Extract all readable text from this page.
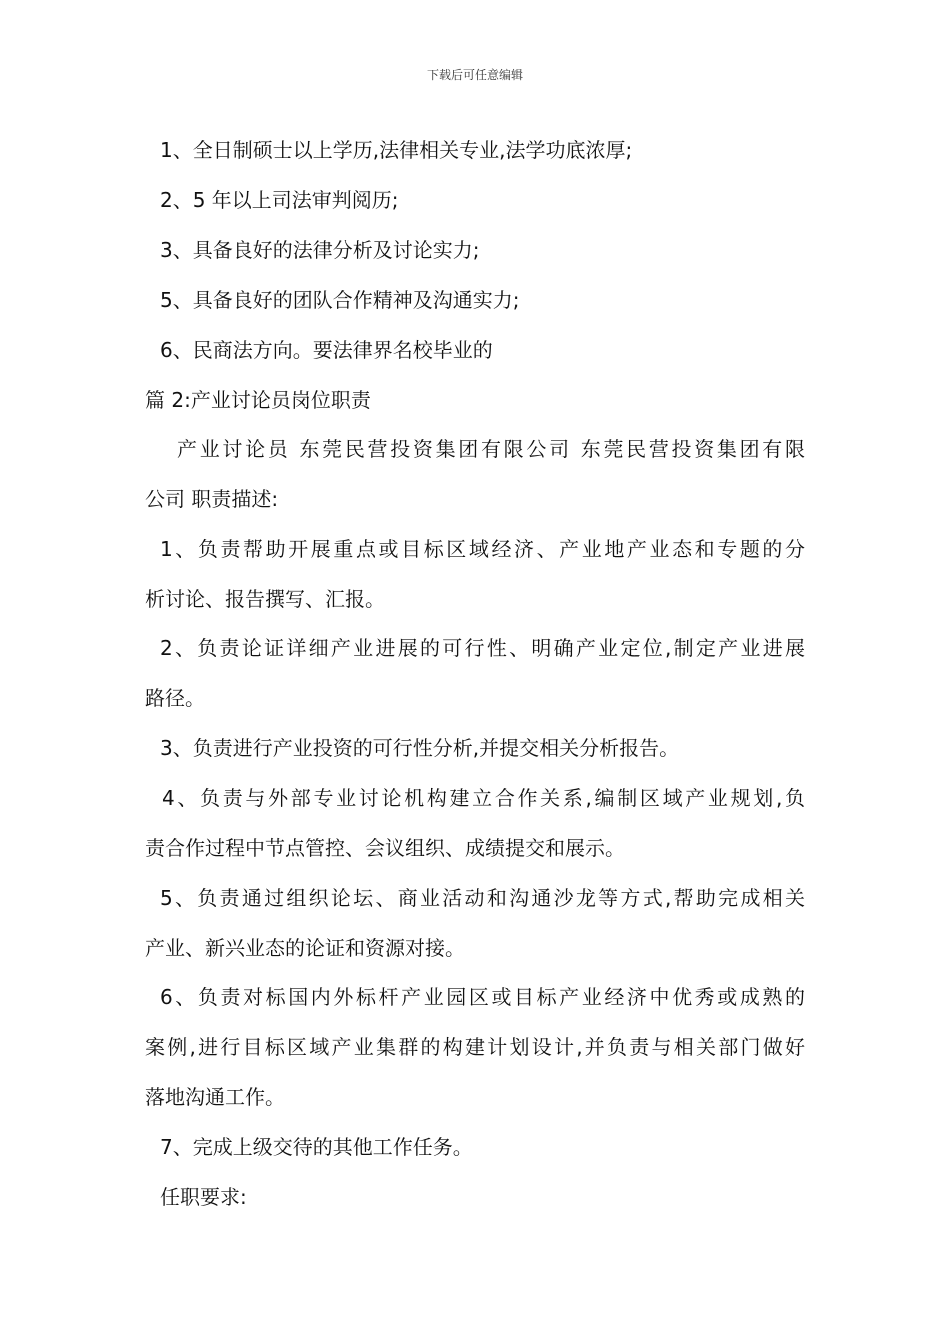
下载后可任意编辑
1、全日制硕士以上学历,法律相关专业,法学功底浓厚;
2、5 年以上司法审判阅历;
3、具备良好的法律分析及讨论实力;
5、具备良好的团队合作精神及沟通实力;
6、民商法方向。要法律界名校毕业的
篇 2:产业讨论员岗位职责
产业讨论员 东莞民营投资集团有限公司 东莞民营投资集团有限
公司 职责描述:
1、负责帮助开展重点或目标区域经济、产业地产业态和专题的分
析讨论、报告撰写、汇报。
2、负责论证详细产业进展的可行性、明确产业定位,制定产业进展
路径。
3、负责进行产业投资的可行性分析,并提交相关分析报告。
4、负责与外部专业讨论机构建立合作关系,编制区域产业规划,负
责合作过程中节点管控、会议组织、成绩提交和展示。
5、负责通过组织论坛、商业活动和沟通沙龙等方式,帮助完成相关
产业、新兴业态的论证和资源对接。
6、负责对标国内外标杆产业园区或目标产业经济中优秀或成熟的
案例,进行目标区域产业集群的构建计划设计,并负责与相关部门做好
落地沟通工作。
7、完成上级交待的其他工作任务。
任职要求:
